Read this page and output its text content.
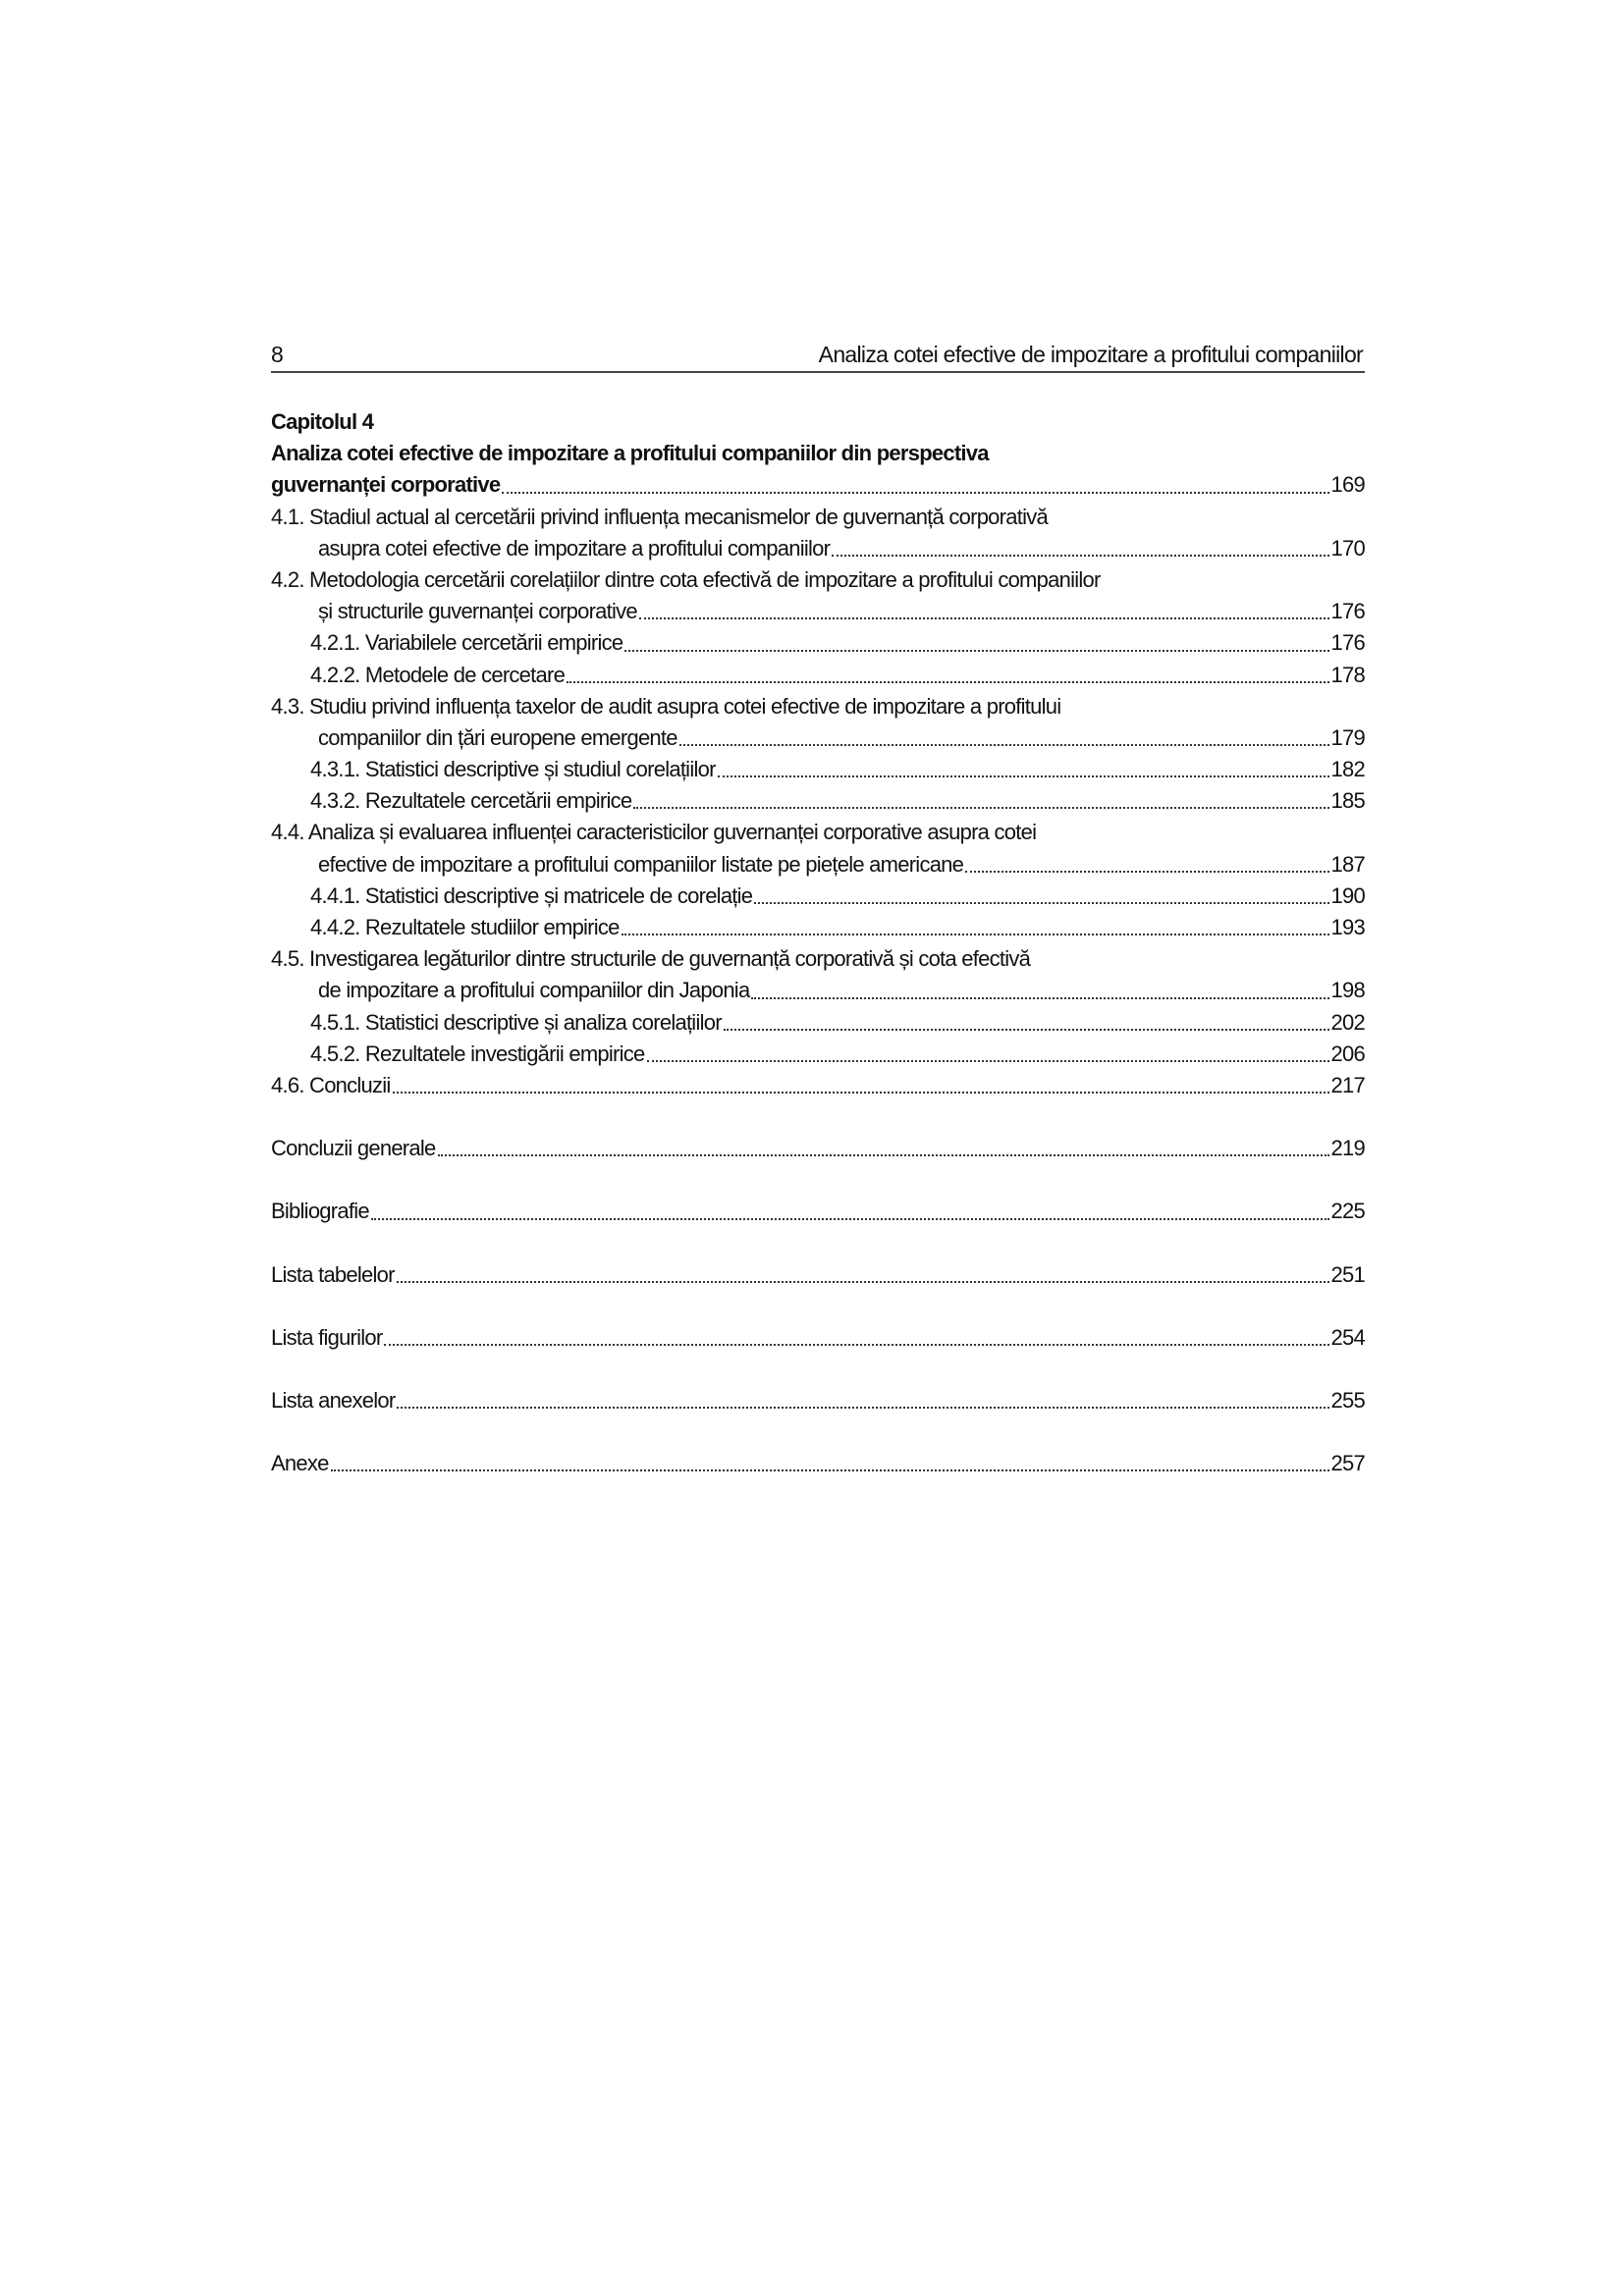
8	Analiza cotei efective de impozitare a profitului companiilor
Capitolul 4
Analiza cotei efective de impozitare a profitului companiilor din perspectiva
guvernanței corporative	169
4.1. Stadiul actual al cercetării privind influența mecanismelor de guvernanță corporativă
asupra cotei efective de impozitare a profitului companiilor	170
4.2. Metodologia cercetării corelațiilor dintre cota efectivă de impozitare a profitului companiilor
și structurile guvernanței corporative	176
4.2.1. Variabilele cercetării empirice	176
4.2.2. Metodele de cercetare	178
4.3. Studiu privind influența taxelor de audit asupra cotei efective de impozitare a profitului
companiilor din țări europene emergente	179
4.3.1. Statistici descriptive și studiul corelațiilor	182
4.3.2. Rezultatele cercetării empirice	185
4.4. Analiza și evaluarea influenței caracteristicilor guvernanței corporative asupra cotei
efective de impozitare a profitului companiilor listate pe piețele americane	187
4.4.1. Statistici descriptive și matricele de corelație	190
4.4.2. Rezultatele studiilor empirice	193
4.5. Investigarea legăturilor dintre structurile de guvernanță corporativă și cota efectivă
de impozitare a profitului companiilor din Japonia	198
4.5.1. Statistici descriptive și analiza corelațiilor	202
4.5.2. Rezultatele investigării empirice	206
4.6. Concluzii	217
Concluzii generale	219
Bibliografie	225
Lista tabelelor	251
Lista figurilor	254
Lista anexelor	255
Anexe	257
